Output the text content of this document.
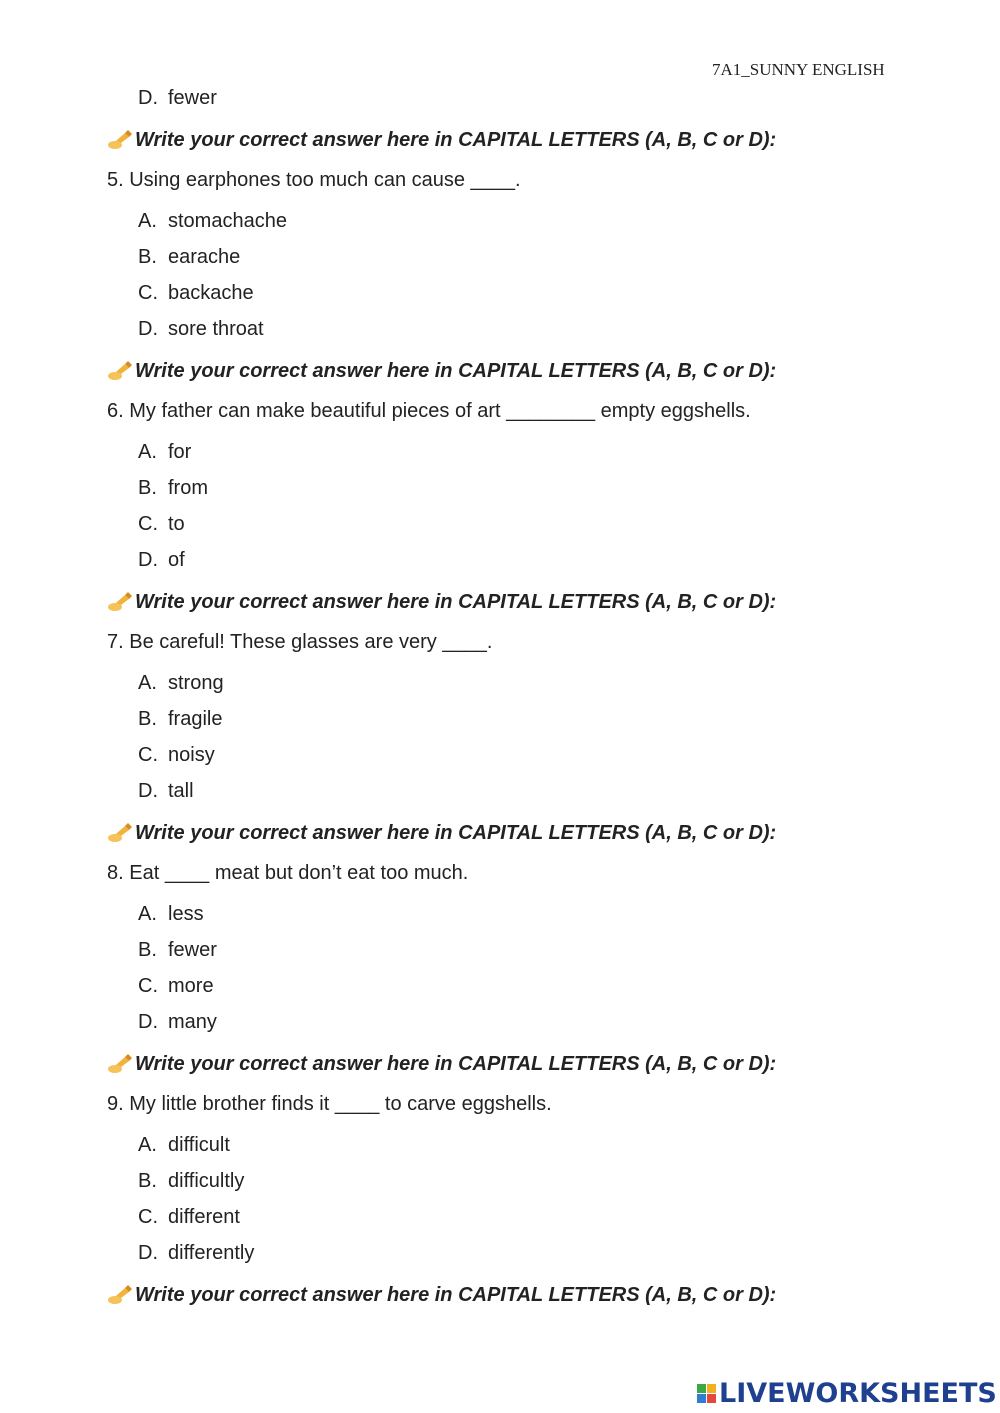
7A1_SUNNY ENGLISH
D. fewer
Write your correct answer here in CAPITAL LETTERS (A, B, C or D):
5. Using earphones too much can cause ____.
A. stomachache
B. earache
C. backache
D. sore throat
Write your correct answer here in CAPITAL LETTERS (A, B, C or D):
6. My father can make beautiful pieces of art ________ empty eggshells.
A. for
B. from
C. to
D. of
Write your correct answer here in CAPITAL LETTERS (A, B, C or D):
7. Be careful! These glasses are very ____.
A. strong
B. fragile
C. noisy
D. tall
Write your correct answer here in CAPITAL LETTERS (A, B, C or D):
8. Eat ____ meat but don’t eat too much.
A. less
B. fewer
C. more
D. many
Write your correct answer here in CAPITAL LETTERS (A, B, C or D):
9. My little brother finds it ____ to carve eggshells.
A. difficult
B. difficultly
C. different
D. differently
Write your correct answer here in CAPITAL LETTERS (A, B, C or D):
LIVEWORKSHEETS
